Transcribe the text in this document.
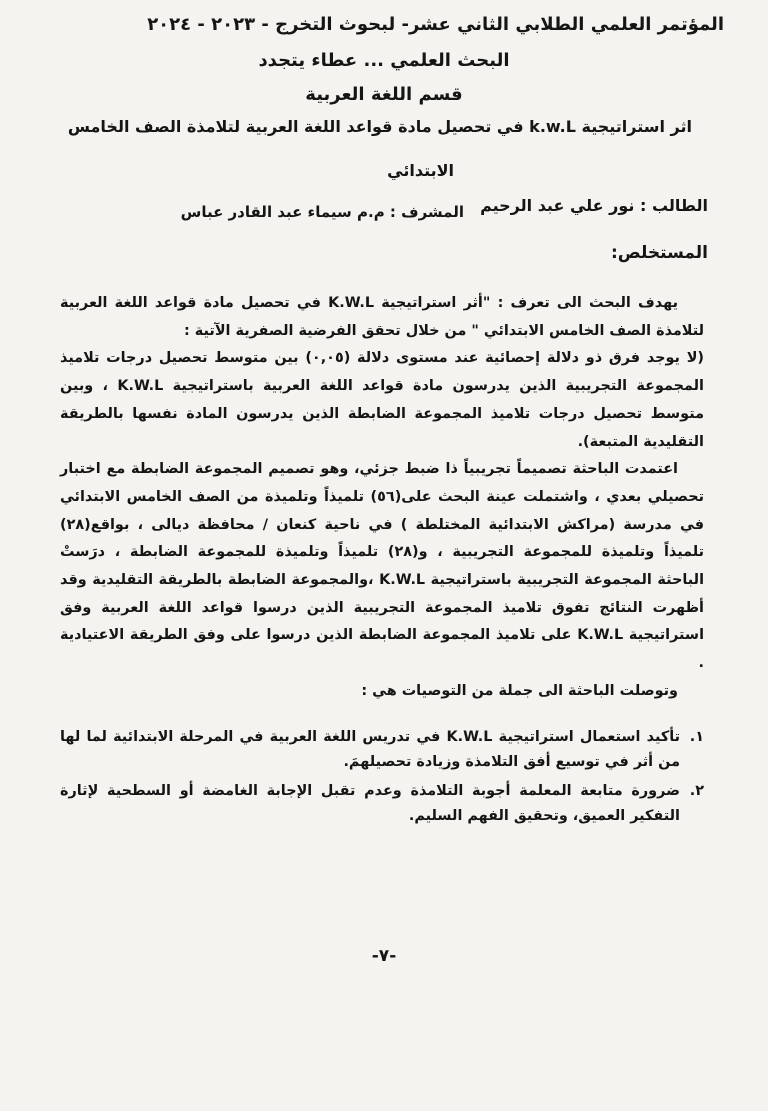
المؤتمر العلمي الطلابي الثاني عشر- لبحوث التخرج - ٢٠٢٣ - ٢٠٢٤
البحث العلمي ... عطاء يتجدد
قسم اللغة العربية
اثر استراتيجية k.w.L في تحصيل مادة قواعد اللغة العربية لتلامذة الصف الخامس
الابتدائي
الطالب : نور علي عبد الرحيم
المشرف : م.م سيماء عبد القادر عباس
المستخلص:

يهدف البحث الى تعرف : "أثر استراتيجية K.W.L في تحصيل مادة قواعد اللغة العربية لتلامذة الصف الخامس الابتدائي " من خلال تحقق الفرضية الصفرية الآتية :

(لا يوجد فرق ذو دلالة إحصائية عند مستوى دلالة (٠,٠٥) بين متوسط تحصيل درجات تلاميذ المجموعة التجريبية الذين يدرسون مادة قواعد اللغة العربية باستراتيجية K.W.L ، وبين متوسط تحصيل درجات تلاميذ المجموعة الضابطة الذين يدرسون المادة نفسها بالطريقة التقليدية المتبعة).

اعتمدت الباحثة تصميماً تجريبياً ذا ضبط جزئي، وهو تصميم المجموعة الضابطة مع اختبار تحصيلي بعدي ، واشتملت عينة البحث على(٥٦) تلميذاً وتلميذة من الصف الخامس الابتدائي في مدرسة (مراكش الابتدائية المختلطة ) في ناحية كنعان / محافظة ديالى ، بواقع(٢٨) تلميذاً وتلميذة للمجموعة التجريبية ، و(٢٨) تلميذاً وتلميذة للمجموعة الضابطة ، درَستْ الباحثة المجموعة التجريبية باستراتيجية K.W.L ،والمجموعة الضابطة بالطريقة التقليدية وقد أظهرت النتائج تفوق تلاميذ المجموعة التجريبية الذين درسوا قواعد اللغة العربية وفق استراتيجية K.W.L على تلاميذ المجموعة الضابطة الذين درسوا على وفق الطريقة الاعتيادية .

وتوصلت الباحثة الى جملة من التوصيات هي :

١.
تأكيد استعمال استراتيجية K.W.L في تدريس اللغة العربية في المرحلة الابتدائية لما لها من أثر في توسيع أفق التلامذة وزيادة تحصيلهمَ.
٢.
ضرورة متابعة المعلمة أجوبة التلامذة وعدم تقبل الإجابة الغامضة أو السطحية لإثارة التفكير العميق، وتحقيق الفهم السليم.
-٧-
